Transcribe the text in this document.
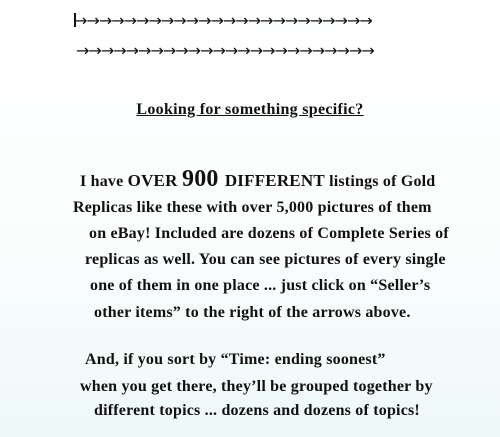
→→→→→→→→→→→→→→→→→→→→→→→→
→→→→→→→→→→→→→→→→→→→→→→→→
Looking for something specific?
I have OVER 900 DIFFERENT listings of Gold
Replicas like these with over 5,000 pictures of them
on eBay! Included are dozens of Complete Series of
replicas as well. You can see pictures of every single
one of them in one place ... just click on “Seller’s
other items” to the right of the arrows above.
And, if you sort by “Time: ending soonest”
when you get there, they’ll be grouped together by
different topics ... dozens and dozens of topics!
